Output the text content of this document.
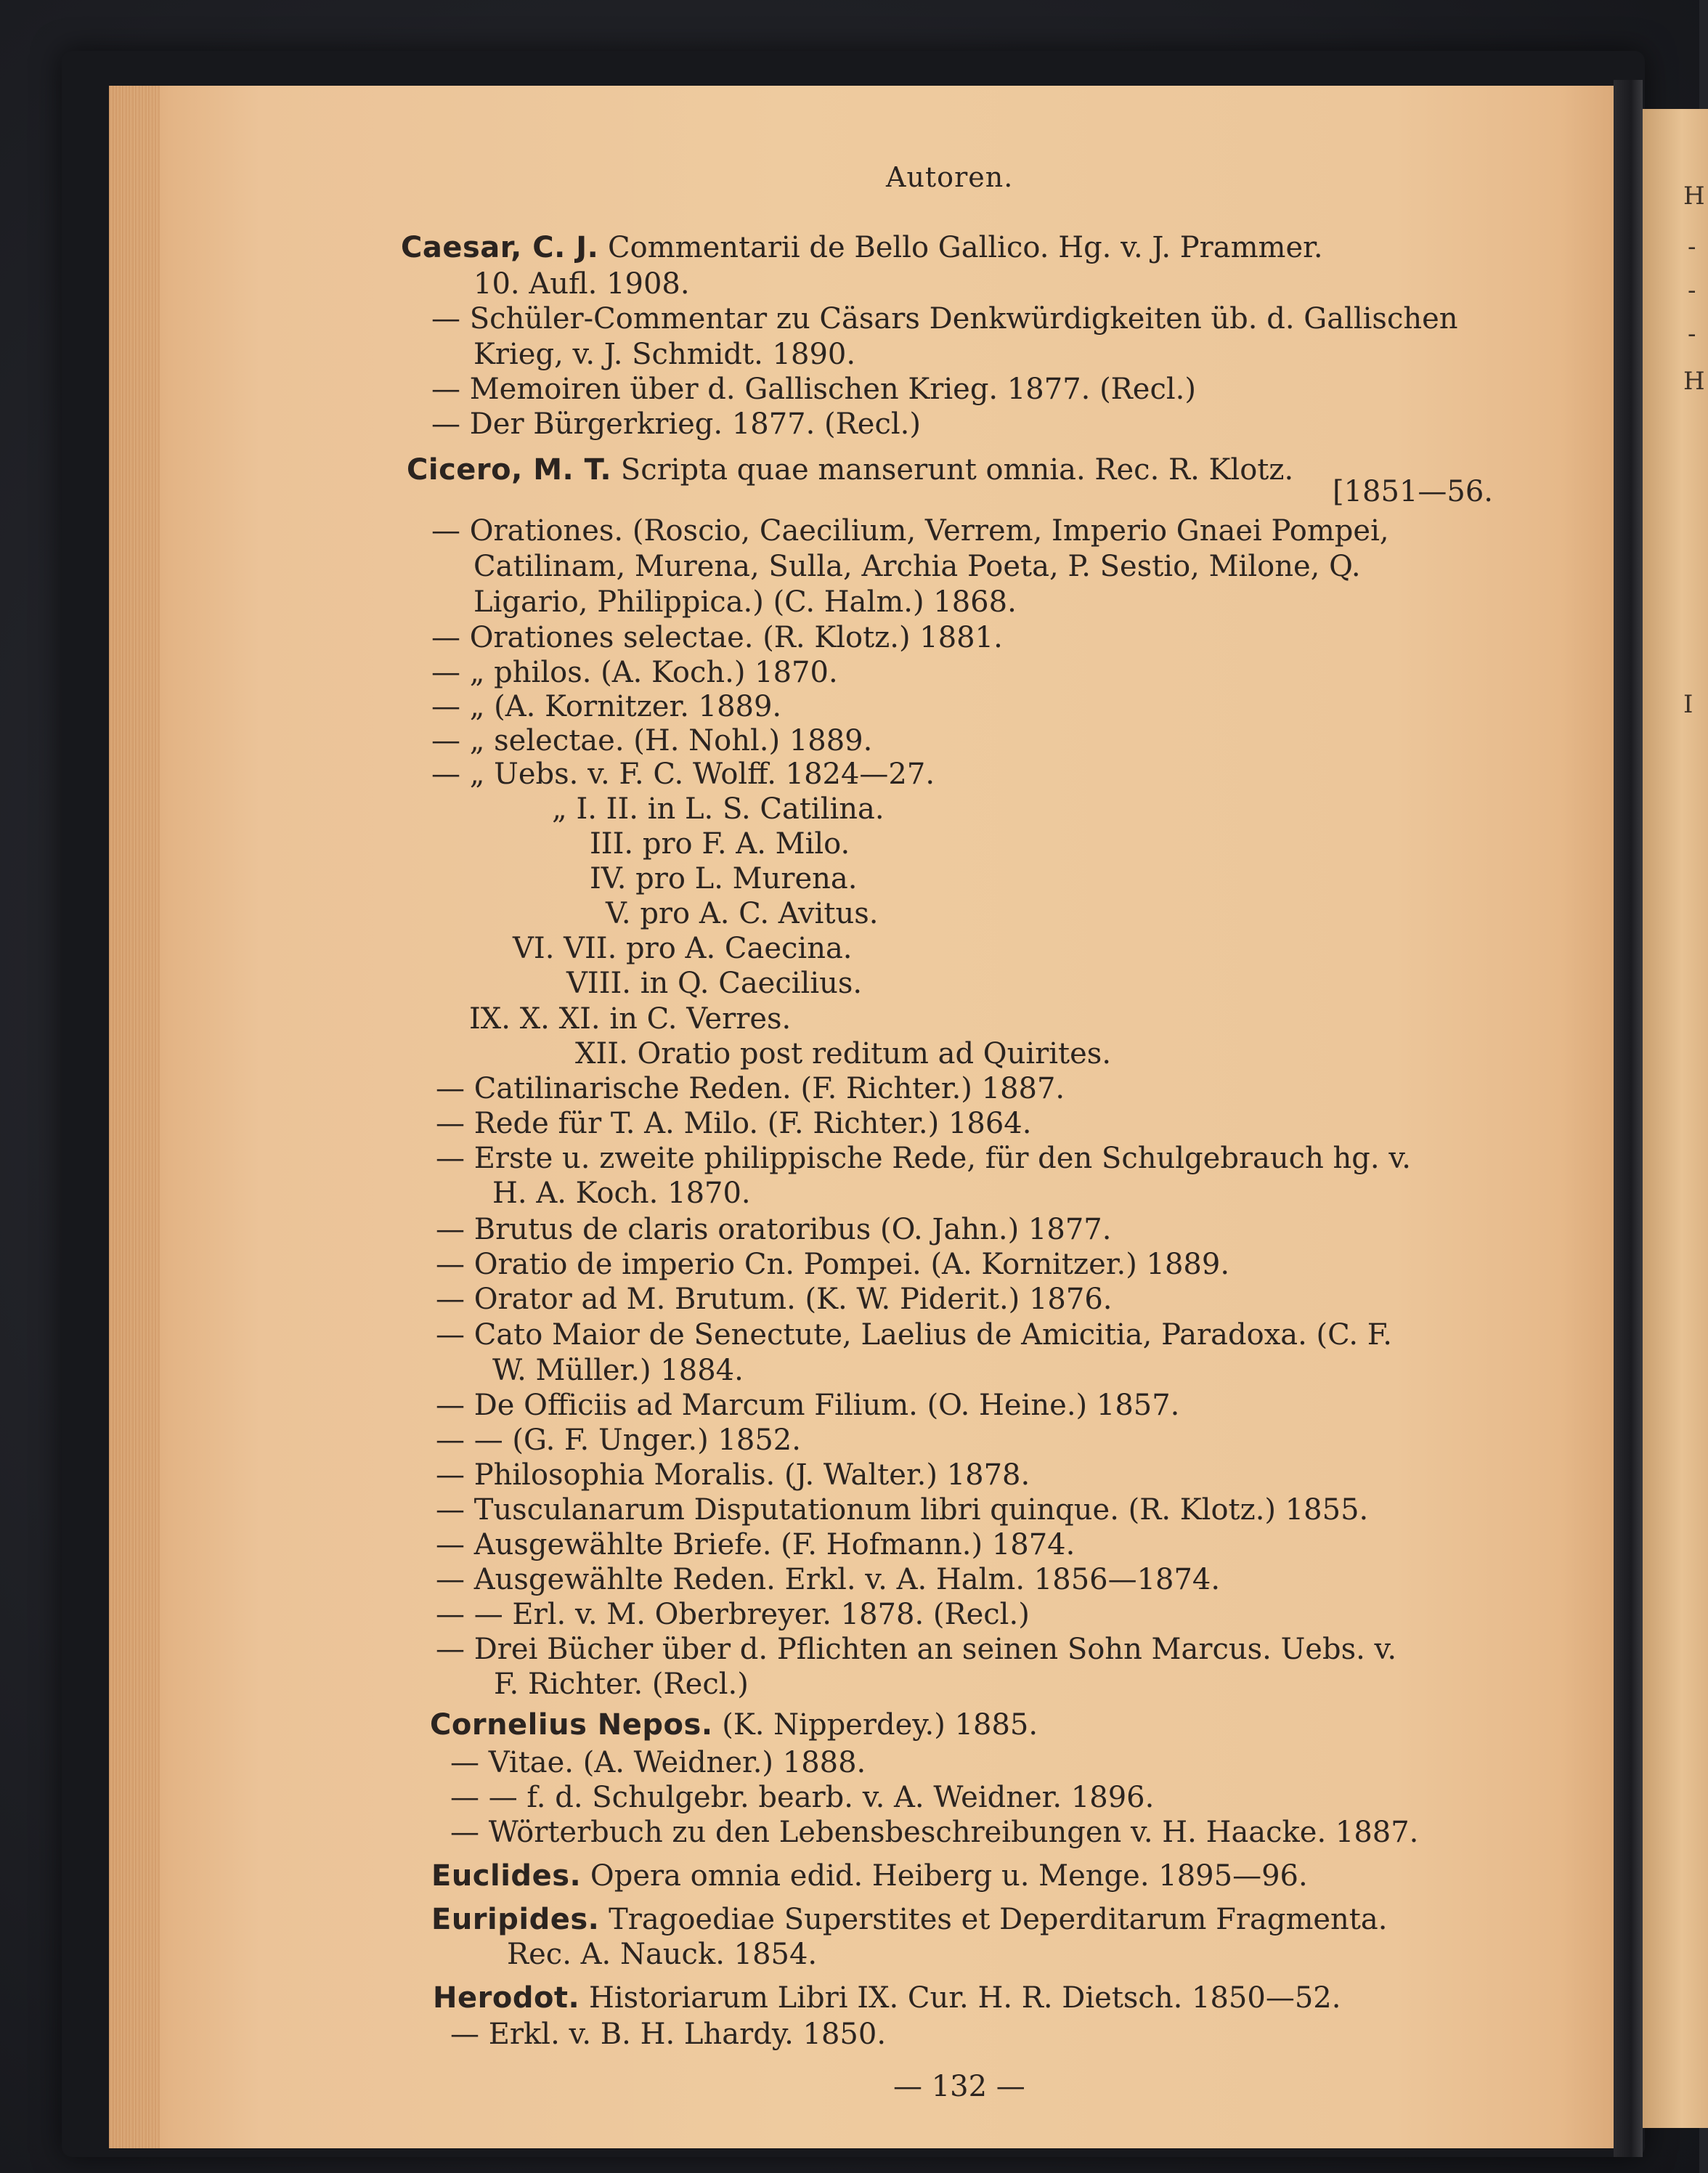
H
-
-
-
H
I
Autoren.
Caesar, C. J. Commentarii de Bello Gallico. Hg. v. J. Prammer.
10. Aufl. 1908.
— Schüler-Commentar zu Cäsars Denkwürdigkeiten üb. d. Gallischen
Krieg, v. J. Schmidt. 1890.
— Memoiren über d. Gallischen Krieg. 1877. (Recl.)
— Der Bürgerkrieg. 1877. (Recl.)
Cicero, M. T. Scripta quae manserunt omnia. Rec. R. Klotz.
[1851—56.
— Orationes. (Roscio, Caecilium, Verrem, Imperio Gnaei Pompei,
Catilinam, Murena, Sulla, Archia Poeta, P. Sestio, Milone, Q.
Ligario, Philippica.) (C. Halm.) 1868.
— Orationes selectae. (R. Klotz.) 1881.
— „ philos. (A. Koch.) 1870.
— „ (A. Kornitzer. 1889.
— „ selectae. (H. Nohl.) 1889.
— „ Uebs. v. F. C. Wolff. 1824—27.
„ I. II. in L. S. Catilina.
III. pro F. A. Milo.
IV. pro L. Murena.
V. pro A. C. Avitus.
VI. VII. pro A. Caecina.
VIII. in Q. Caecilius.
IX. X. XI. in C. Verres.
XII. Oratio post reditum ad Quirites.
— Catilinarische Reden. (F. Richter.) 1887.
— Rede für T. A. Milo. (F. Richter.) 1864.
— Erste u. zweite philippische Rede, für den Schulgebrauch hg. v.
H. A. Koch. 1870.
— Brutus de claris oratoribus (O. Jahn.) 1877.
— Oratio de imperio Cn. Pompei. (A. Kornitzer.) 1889.
— Orator ad M. Brutum. (K. W. Piderit.) 1876.
— Cato Maior de Senectute, Laelius de Amicitia, Paradoxa. (C. F.
W. Müller.) 1884.
— De Officiis ad Marcum Filium. (O. Heine.) 1857.
— — (G. F. Unger.) 1852.
— Philosophia Moralis. (J. Walter.) 1878.
— Tusculanarum Disputationum libri quinque. (R. Klotz.) 1855.
— Ausgewählte Briefe. (F. Hofmann.) 1874.
— Ausgewählte Reden. Erkl. v. A. Halm. 1856—1874.
— — Erl. v. M. Oberbreyer. 1878. (Recl.)
— Drei Bücher über d. Pflichten an seinen Sohn Marcus. Uebs. v.
F. Richter. (Recl.)
Cornelius Nepos. (K. Nipperdey.) 1885.
— Vitae. (A. Weidner.) 1888.
— — f. d. Schulgebr. bearb. v. A. Weidner. 1896.
— Wörterbuch zu den Lebensbeschreibungen v. H. Haacke. 1887.
Euclides. Opera omnia edid. Heiberg u. Menge. 1895—96.
Euripides. Tragoediae Superstites et Deperditarum Fragmenta.
Rec. A. Nauck. 1854.
Herodot. Historiarum Libri IX. Cur. H. R. Dietsch. 1850—52.
— Erkl. v. B. H. Lhardy. 1850.
— 132 —
